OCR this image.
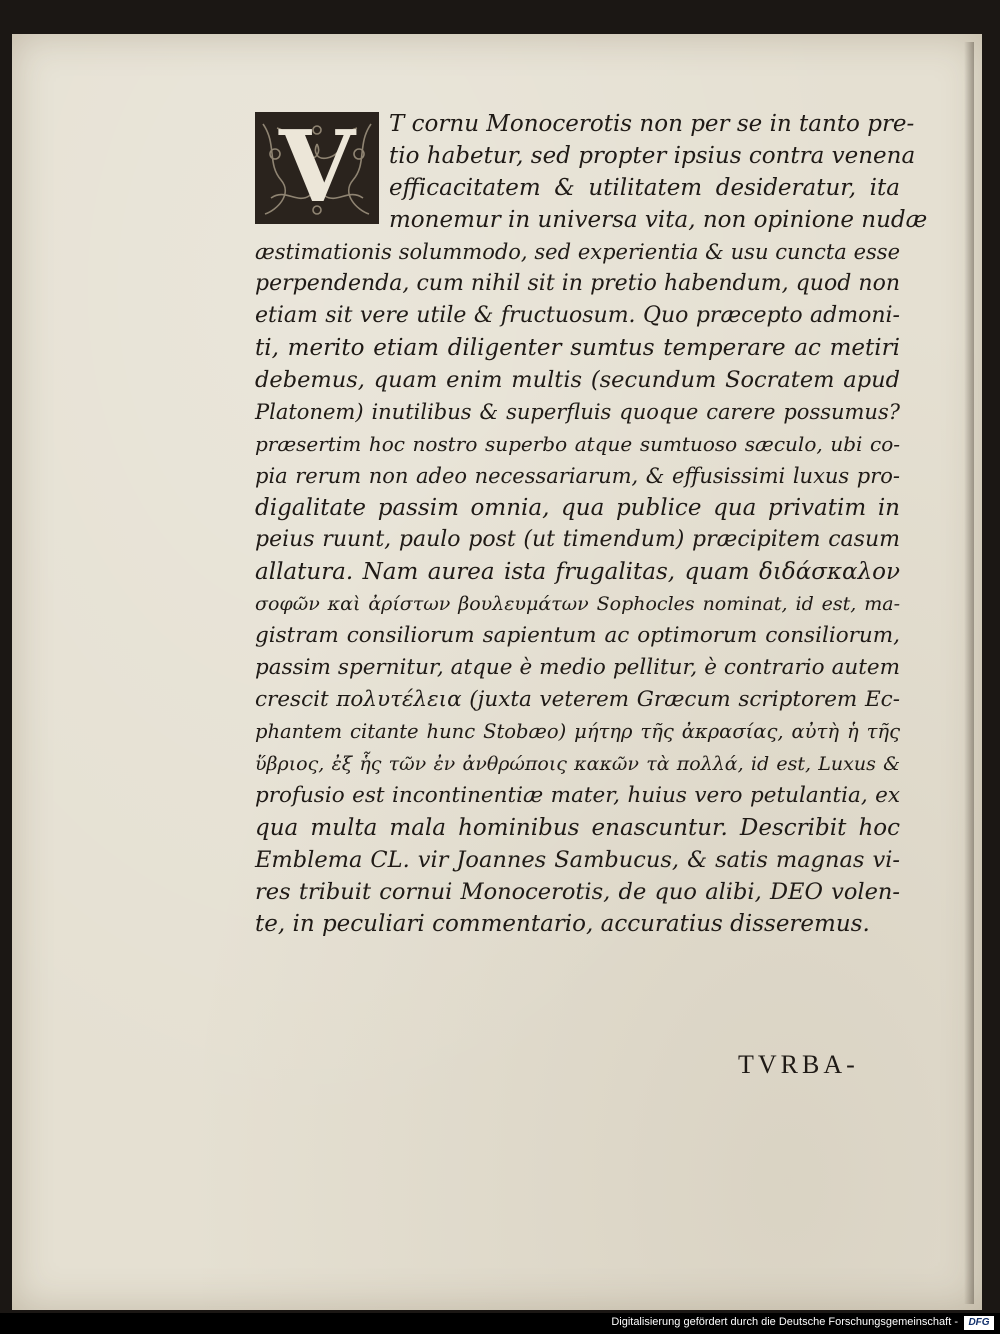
V	T cornu Monocerotis non per se in tanto pre-
tio habetur, sed propter ipsius contra venena
efficacitatem & utilitatem desideratur, ita
monemur in universa vita, non opinione nudæ
æstimationis solummodo, sed experientia & usu cuncta esse
perpendenda, cum nihil sit in pretio habendum, quod non
etiam sit vere utile & fructuosum. Quo præcepto admoni-
ti, merito etiam diligenter sumtus temperare ac metiri
debemus, quam enim multis (secundum Socratem apud
Platonem) inutilibus & superfluis quoque carere possumus?
præsertim hoc nostro superbo atque sumtuoso sæculo, ubi co-
pia rerum non adeo necessariarum, & effusissimi luxus pro-
digalitate passim omnia, qua publice qua privatim in
peius ruunt, paulo post (ut timendum) præcipitem casum
allatura. Nam aurea ista frugalitas, quam διδάσκαλον
σοφῶν καὶ ἀρίστων βουλευμάτων Sophocles nominat, id est, ma-
gistram consiliorum sapientum ac optimorum consiliorum,
passim spernitur, atque è medio pellitur, è contrario autem
crescit πολυτέλεια (juxta veterem Græcum scriptorem Ec-
phantem citante hunc Stobæo) μήτηρ τῆς ἀκρασίας, αὐτὴ ἡ τῆς
ὕβριος, ἐξ ἧς τῶν ἐν ἀνθρώποις κακῶν τὰ πολλά, id est, Luxus &
profusio est incontinentiæ mater, huius vero petulantia, ex
qua multa mala hominibus enascuntur. Describit hoc
Emblema CL. vir Joannes Sambucus, & satis magnas vi-
res tribuit cornui Monocerotis, de quo alibi, DEO volen-
te, in peculiari commentario, accuratius disseremus.
TVRBA-
Digitalisierung gefördert durch die Deutsche Forschungsgemeinschaft -	DFG
